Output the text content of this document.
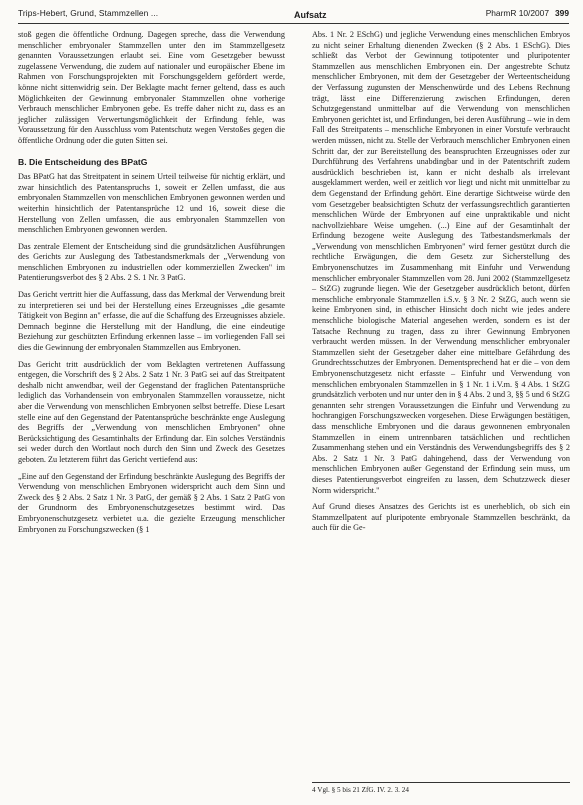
Trips-Hebert, Grund, Stammzellen ...	Aufsatz	PharmR 10/2007 399

stoß gegen die öffentliche Ordnung. Dagegen spreche, dass die Verwendung menschlicher embryonaler Stammzellen unter den im Stammzellgesetz genannten Voraussetzungen erlaubt sei. Eine vom Gesetzgeber bewusst zugelassene Verwendung, die zudem auf nationaler und europäischer Ebene im Rahmen von Forschungsprojekten mit Forschungsgeldern gefördert werde, könne nicht sittenwidrig sein. Der Beklagte macht ferner geltend, dass es auch Möglichkeiten der Gewinnung embryonaler Stammzellen ohne vorherige Verbrauch menschlicher Embryonen gebe. Es treffe daher nicht zu, dass es an jeglicher zulässigen Verwertungsmöglichkeit der Erfindung fehle, was Voraussetzung für den Ausschluss vom Patentschutz wegen Verstoßes gegen die öffentliche Ordnung oder die guten Sitten sei.

B. Die Entscheidung des BPatG

Das BPatG hat das Streitpatent in seinem Urteil teilweise für nichtig erklärt, und zwar hinsichtlich des Patentanspruchs 1, soweit er Zellen umfasst, die aus embryonalen Stammzellen von menschlichen Embryonen gewonnen werden und weiterhin hinsichtlich der Patentansprüche 12 und 16, soweit diese die Herstellung von Zellen umfassen, die aus embryonalen Stammzellen von menschlichen Embryonen gewonnen werden.

Das zentrale Element der Entscheidung sind die grundsätzlichen Ausführungen des Gerichts zur Auslegung des Tatbestandsmerkmals der „Verwendung von menschlichen Embryonen zu industriellen oder kommerziellen Zwecken" im Patentierungsverbot des § 2 Abs. 2 S. 1 Nr. 3 PatG.

Das Gericht vertritt hier die Auffassung, dass das Merkmal der Verwendung breit zu interpretieren sei und bei der Herstellung eines Erzeugnisses „die gesamte Tätigkeit von Beginn an" erfasse, die auf die Schaffung des Erzeugnisses abziele. Demnach beginne die Herstellung mit der Handlung, die eine eindeutige Beziehung zur geschützten Erfindung erkennen lasse – im vorliegenden Fall sei dies die Gewinnung der embryonalen Stammzellen aus Embryonen.

Das Gericht tritt ausdrücklich der vom Beklagten vertretenen Auffassung entgegen, die Vorschrift des § 2 Abs. 2 Satz 1 Nr. 3 PatG sei auf das Streitpatent deshalb nicht anwendbar, weil der Gegenstand der fraglichen Patentansprüche lediglich das Vorhandensein von embryonalen Stammzellen voraussetze, nicht aber die Verwendung von menschlichen Embryonen selbst betreffe. Diese Lesart stelle eine auf den Gegenstand der Patentansprüche beschränkte enge Auslegung des Begriffs der „Verwendung von menschlichen Embryonen" ohne Berücksichtigung des Gesamtinhalts der Erfindung dar. Ein solches Verständnis sei weder durch den Wortlaut noch durch den Sinn und Zweck des Gesetzes geboten. Zu letzterem führt das Gericht vertiefend aus:

„Eine auf den Gegenstand der Erfindung beschränkte Auslegung des Begriffs der Verwendung von menschlichen Embryonen widerspricht auch dem Sinn und Zweck des § 2 Abs. 2 Satz 1 Nr. 3 PatG, der gemäß § 2 Abs. 1 Satz 2 PatG von der Grundnorm des Embryonenschutzgesetzes bestimmt wird. Das Embryonenschutzgesetz verbietet u.a. die gezielte Erzeugung menschlicher Embryonen zu Forschungszwecken (§ 1

Abs. 1 Nr. 2 ESchG) und jegliche Verwendung eines menschlichen Embryos zu nicht seiner Erhaltung dienenden Zwecken (§ 2 Abs. 1 ESchG). Dies schließt das Verbot der Gewinnung totipotenter und pluripotenter Stammzellen aus menschlichen Embryonen ein. Der angestrebte Schutz menschlicher Embryonen, mit dem der Gesetzgeber der Werteentscheidung der Verfassung zugunsten der Menschenwürde und des Lebens Rechnung trägt, lässt eine Differenzierung zwischen Erfindungen, deren Schutzgegenstand unmittelbar auf die Verwendung von menschlichen Embryonen gerichtet ist, und Erfindungen, bei deren Ausführung – wie in dem Fall des Streitpatents – menschliche Embryonen in einer Vorstufe verbraucht werden müssen, nicht zu. Stelle der Verbrauch menschlicher Embryonen einen Schritt dar, der zur Bereitstellung des beanspruchten Erzeugnisses oder zur Durchführung des Verfahrens unabdingbar und in der Patentschrift zudem ausdrücklich beschrieben ist, kann er nicht deshalb als irrelevant ausgeklammert werden, weil er zeitlich vor liegt und nicht mit unmittelbar zu dem Gegenstand der Erfindung gehört. Eine derartige Sichtweise würde den vom Gesetzgeber beabsichtigten Schutz der verfassungsrechtlich garantierten menschlichen Würde der Embryonen auf eine unpraktikable und nicht nachvollziehbare Weise umgehen. (...) Eine auf der Gesamtinhalt der Erfindung bezogene weite Auslegung des Tatbestandsmerkmals der „Verwendung von menschlichen Embryonen" wird ferner gestützt durch die rechtliche Erwägungen, die dem Gesetz zur Sicherstellung des Embryonenschutzes im Zusammenhang mit Einfuhr und Verwendung menschlicher embryonaler Stammzellen vom 28. Juni 2002 (Stammzellgesetz – StZG) zugrunde liegen. Wie der Gesetzgeber ausdrücklich betont, dürfen menschliche embryonale Stammzellen i.S.v. § 3 Nr. 2 StZG, auch wenn sie keine Embryonen sind, in ethischer Hinsicht doch nicht wie jedes andere menschliche biologische Material angesehen werden, sondern es ist der Tatsache Rechnung zu tragen, dass zu ihrer Gewinnung Embryonen verbraucht werden müssen. In der Verwendung menschlicher embryonaler Stammzellen sieht der Gesetzgeber daher eine mittelbare Gefährdung des Grundrechtsschutzes der Embryonen. Dementsprechend hat er die – von dem Embryonenschutzgesetz nicht erfasste – Einfuhr und Verwendung von menschlichen embryonalen Stammzellen in § 1 Nr. 1 i.V.m. § 4 Abs. 1 StZG grundsätzlich verboten und nur unter den in § 4 Abs. 2 und 3, §§ 5 und 6 StZG genannten sehr strengen Voraussetzungen die Einfuhr und Verwendung zu hochrangigen Forschungszwecken vorgesehen. Diese Erwägungen bestätigen, dass menschliche Embryonen und die daraus gewonnenen embryonalen Stammzellen in einem untrennbaren tatsächlichen und rechtlichen Zusammenhang stehen und ein Verständnis des Verwendungsbegriffs des § 2 Abs. 2 Satz 1 Nr. 3 PatG dahingehend, dass der Verwendung von menschlichen Embryonen außer Gegenstand der Erfindung sein muss, um dieses Patentierungsverbot eingreifen zu lassen, dem Schutzzweck dieser Norm widerspricht."

Auf Grund dieses Ansatzes des Gerichts ist es unerheblich, ob sich ein Stammzellpatent auf pluripotente embryonale Stammzellen beschränkt, da auch für die Ge-

4 Vgl. § 5 bis 21 ZfG. IV. 2. 3. 24
